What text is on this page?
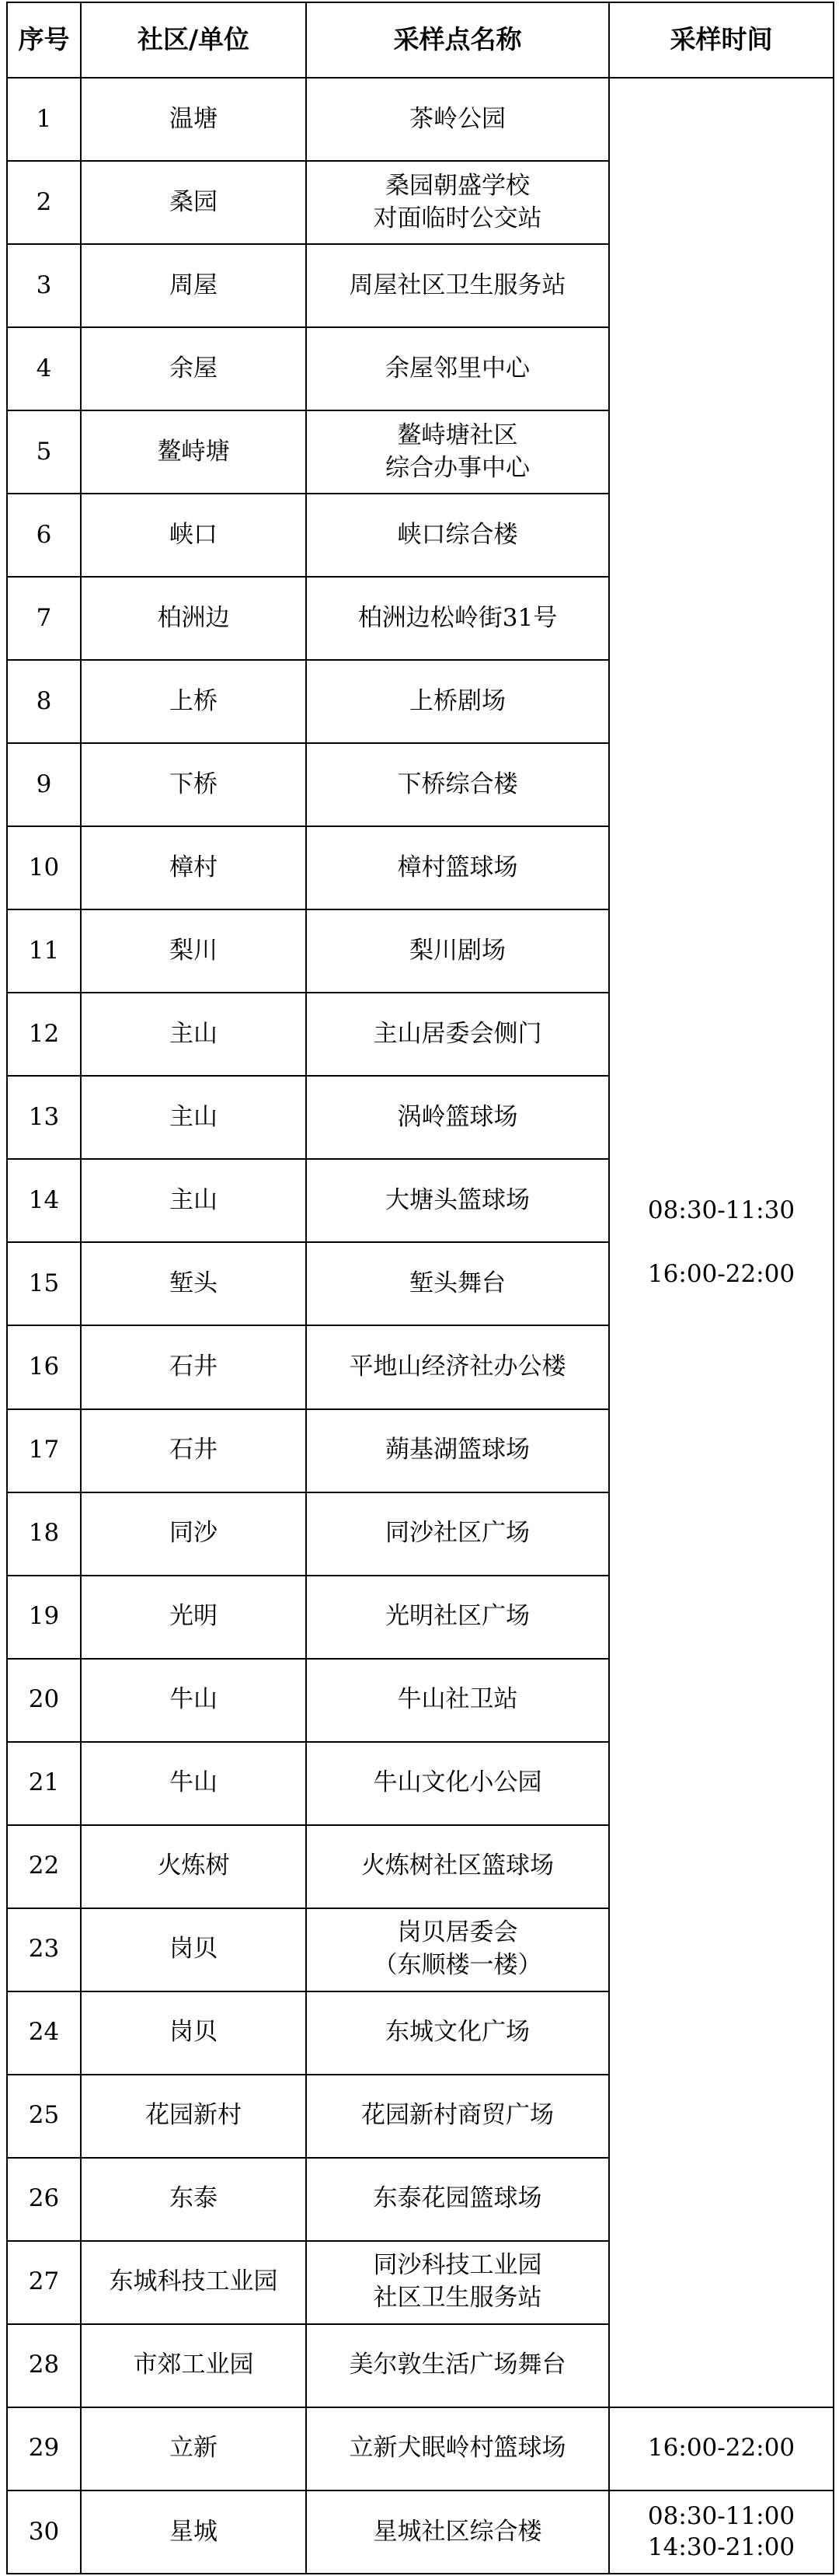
序号	社区/单位	采样点名称	采样时间
1	温塘	茶岭公园	08:30-11:30
16:00-22:00

2	桑园	桑园朝盛学校
对面临时公交站	

3	周屋	周屋社区卫生服务站	

4	余屋	余屋邻里中心	

5	鳌峙塘	鳌峙塘社区
综合办事中心	

6	峡口	峡口综合楼	

7	柏洲边	柏洲边松岭街31号	

8	上桥	上桥剧场	

9	下桥	下桥综合楼	

10	樟村	樟村篮球场	

11	梨川	梨川剧场	

12	主山	主山居委会侧门	

13	主山	涡岭篮球场	

14	主山	大塘头篮球场	

15	堑头	堑头舞台	

16	石井	平地山经济社办公楼	

17	石井	蒴基湖篮球场	

18	同沙	同沙社区广场	

19	光明	光明社区广场	

20	牛山	牛山社卫站	

21	牛山	牛山文化小公园	

22	火炼树	火炼树社区篮球场	

23	岗贝	岗贝居委会
（东顺楼一楼）	

24	岗贝	东城文化广场	

25	花园新村	花园新村商贸广场	

26	东泰	东泰花园篮球场	

27	东城科技工业园	同沙科技工业园
社区卫生服务站	

28	市郊工业园	美尔敦生活广场舞台	

29	立新	立新犬眠岭村篮球场	16:00-22:00
30	星城	星城社区综合楼	08:30-11:00
14:30-21:00
